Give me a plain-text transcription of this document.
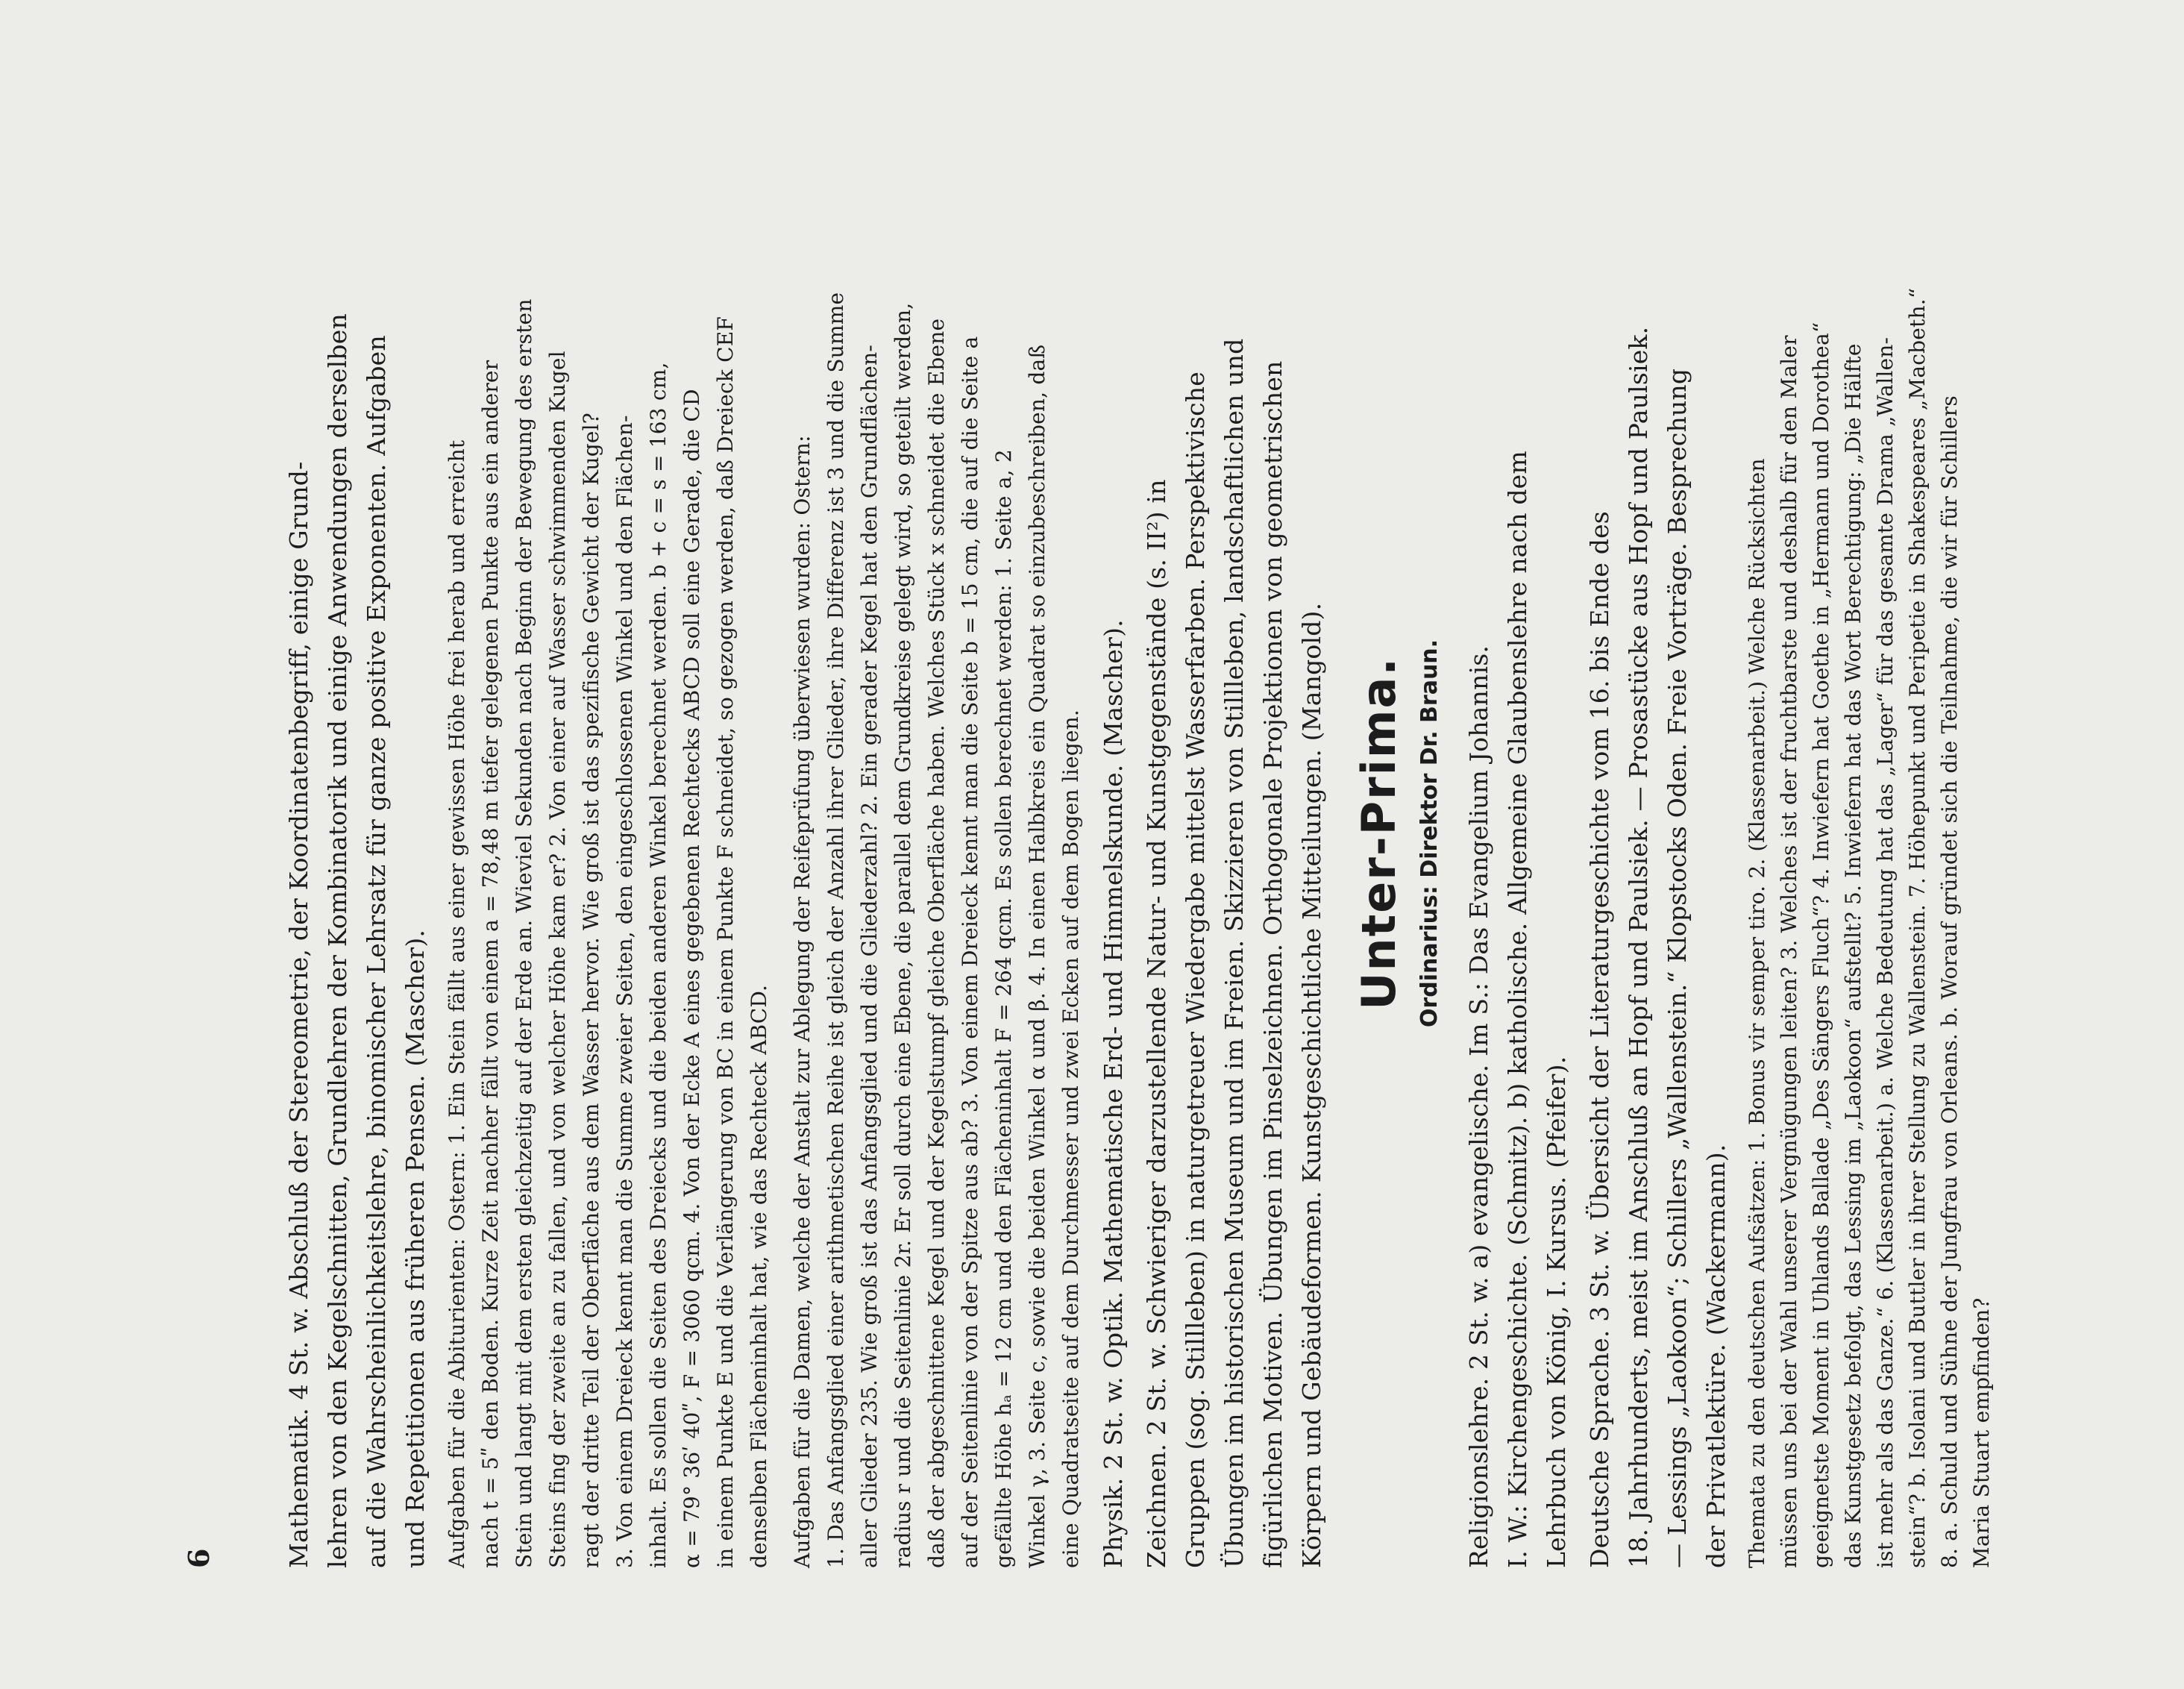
6	Mathematik. 4 St. w. Abschluß der Stereometrie, der Koordinatenbegriff, einige Grund- lehren von den Kegelschnitten, Grundlehren der Kombinatorik und einige Anwendungen derselben auf die Wahrscheinlichkeitslehre, binomischer Lehrsatz für ganze positive Exponenten. Aufgaben und Repetitionen aus früheren Pensen. (Mascher). Aufgaben für die Abiturienten: Ostern: 1. Ein Stein fällt aus einer gewissen Höhe frei herab und erreicht nach t = 5ʺ den Boden. Kurze Zeit nachher fällt von einem a = 78,48 m tiefer gelegenen Punkte aus ein anderer Stein und langt mit dem ersten gleichzeitig auf der Erde an. Wieviel Sekunden nach Beginn der Bewegung des ersten Steins fing der zweite an zu fallen, und von welcher Höhe kam er? 2. Von einer auf Wasser schwimmenden Kugel ragt der dritte Teil der Oberfläche aus dem Wasser hervor. Wie groß ist das spezifische Gewicht der Kugel? 3. Von einem Dreieck kennt man die Summe zweier Seiten, den eingeschlossenen Winkel und den Flächen- inhalt. Es sollen die Seiten des Dreiecks und die beiden anderen Winkel berechnet werden. b + c = s = 163 cm, α = 79° 36ʹ 40ʺ, F = 3060 qcm. 4. Von der Ecke A eines gegebenen Rechtecks ABCD soll eine Gerade, die CD in einem Punkte E und die Verlängerung von BC in einem Punkte F schneidet, so gezogen werden, daß Dreieck CEF denselben Flächeninhalt hat, wie das Rechteck ABCD. Aufgaben für die Damen, welche der Anstalt zur Ablegung der Reifeprüfung überwiesen wurden: Ostern: 1. Das Anfangsglied einer arithmetischen Reihe ist gleich der Anzahl ihrer Glieder, ihre Differenz ist 3 und die Summe aller Glieder 235. Wie groß ist das Anfangsglied und die Gliederzahl? 2. Ein gerader Kegel hat den Grundflächen- radius r und die Seitenlinie 2r. Er soll durch eine Ebene, die parallel dem Grundkreise gelegt wird, so geteilt werden, daß der abgeschnittene Kegel und der Kegelstumpf gleiche Oberfläche haben. Welches Stück x schneidet die Ebene auf der Seitenlinie von der Spitze aus ab? 3. Von einem Dreieck kennt man die Seite b = 15 cm, die auf die Seite a gefällte Höhe hₐ = 12 cm und den Flächeninhalt F = 264 qcm. Es sollen berechnet werden: 1. Seite a, 2 Winkel γ, 3. Seite c, sowie die beiden Winkel α und β. 4. In einen Halbkreis ein Quadrat so einzubeschreiben, daß eine Quadratseite auf dem Durchmesser und zwei Ecken auf dem Bogen liegen. Physik. 2 St. w. Optik. Mathematische Erd- und Himmelskunde. (Mascher). Zeichnen. 2 St. w. Schwieriger darzustellende Natur- und Kunstgegenstände (s. II²) in Gruppen (sog. Stillleben) in naturgetreuer Wiedergabe mittelst Wasserfarben. Perspektivische Übungen im historischen Museum und im Freien. Skizzieren von Stillleben, landschaftlichen und figürlichen Motiven. Übungen im Pinselzeichnen. Orthogonale Projektionen von geometrischen Körpern und Gebäudeformen. Kunstgeschichtliche Mitteilungen. (Mangold). Unter-Prima. Ordinarius: Direktor Dr. Braun. Religionslehre. 2 St. w. a) evangelische. Im S.: Das Evangelium Johannis. I. W.: Kirchengeschichte. (Schmitz). b) katholische. Allgemeine Glaubenslehre nach dem Lehrbuch von König, I. Kursus. (Pfeifer). Deutsche Sprache. 3 St. w. Übersicht der Literaturgeschichte vom 16. bis Ende des 18. Jahrhunderts, meist im Anschluß an Hopf und Paulsiek. — Prosastücke aus Hopf und Paulsiek. — Lessings „Laokoon“; Schillers „Wallenstein.“ Klopstocks Oden. Freie Vorträge. Besprechung der Privatlektüre. (Wackermann). Themata zu den deutschen Aufsätzen: 1. Bonus vir semper tiro. 2. (Klassenarbeit.) Welche Rücksichten müssen uns bei der Wahl unserer Vergnügungen leiten? 3. Welches ist der fruchtbarste und deshalb für den Maler geeignetste Moment in Uhlands Ballade „Des Sängers Fluch“? 4. Inwiefern hat Goethe in „Hermann und Dorothea“ das Kunstgesetz befolgt, das Lessing im „Laokoon“ aufstellt? 5. Inwiefern hat das Wort Berechtigung: „Die Hälfte ist mehr als das Ganze.“ 6. (Klassenarbeit.) a. Welche Bedeutung hat das „Lager“ für das gesamte Drama „Wallen- stein“? b. Isolani und Buttler in ihrer Stellung zu Wallenstein. 7. Höhepunkt und Peripetie in Shakespeares „Macbeth.“ 8. a. Schuld und Sühne der Jungfrau von Orleans. b. Worauf gründet sich die Teilnahme, die wir für Schillers Maria Stuart empfinden?
